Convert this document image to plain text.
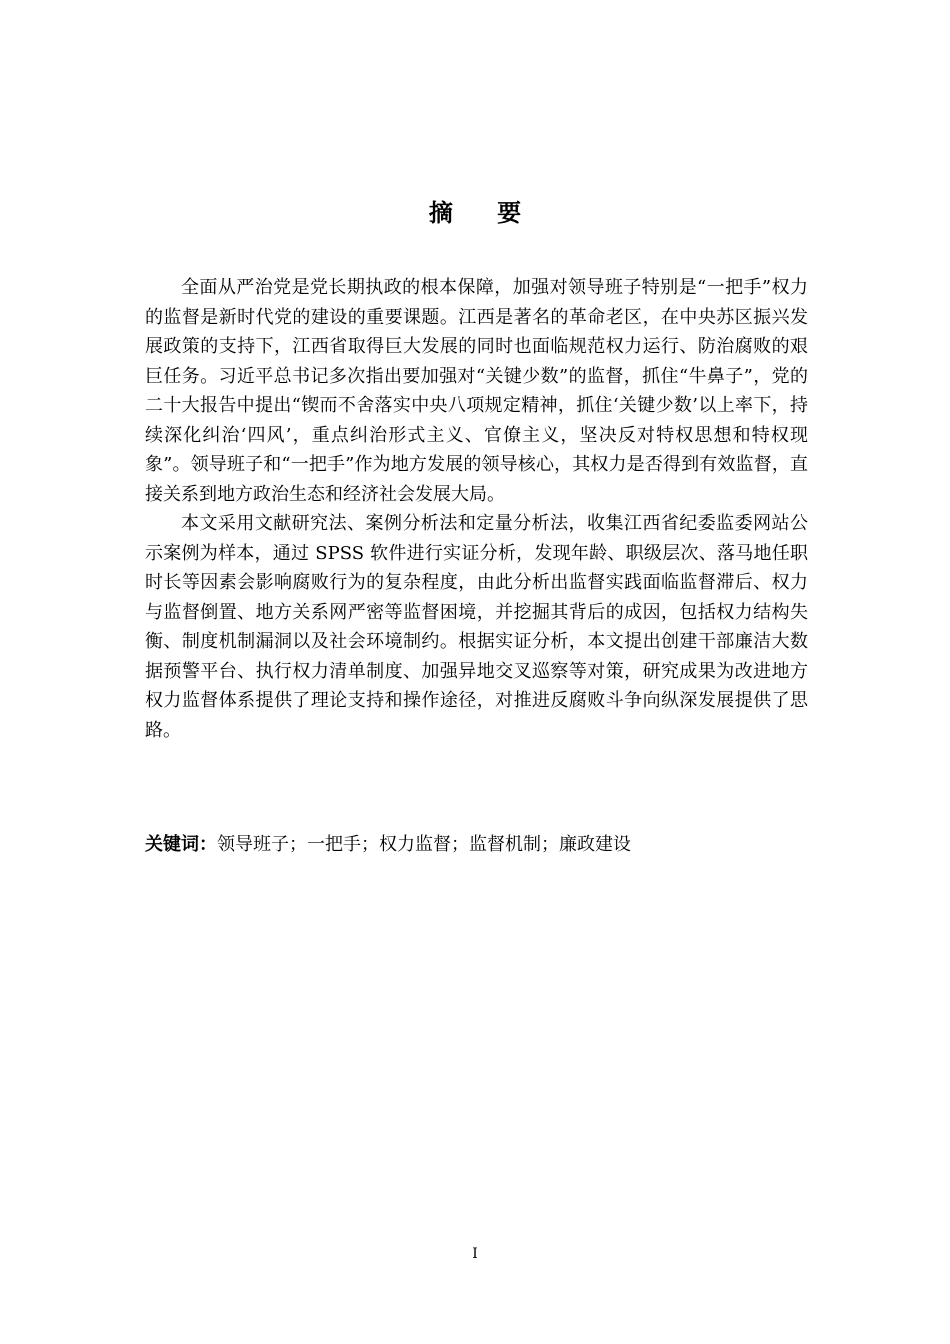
摘 要

全面从严治党是党长期执政的根本保障，加强对领导班子特别是“一把手”权力的监督是新时代党的建设的重要课题。江西是著名的革命老区，在中央苏区振兴发展政策的支持下，江西省取得巨大发展的同时也面临规范权力运行、防治腐败的艰巨任务。习近平总书记多次指出要加强对“关键少数”的监督，抓住“牛鼻子”，党的二十大报告中提出“锲而不舍落实中央八项规定精神，抓住‘关键少数’以上率下，持续深化纠治‘四风’，重点纠治形式主义、官僚主义，坚决反对特权思想和特权现象”。领导班子和“一把手”作为地方发展的领导核心，其权力是否得到有效监督，直接关系到地方政治生态和经济社会发展大局。

本文采用文献研究法、案例分析法和定量分析法，收集江西省纪委监委网站公示案例为样本，通过 SPSS 软件进行实证分析，发现年龄、职级层次、落马地任职时长等因素会影响腐败行为的复杂程度，由此分析出监督实践面临监督滞后、权力与监督倒置、地方关系网严密等监督困境，并挖掘其背后的成因，包括权力结构失衡、制度机制漏洞以及社会环境制约。根据实证分析，本文提出创建干部廉洁大数据预警平台、执行权力清单制度、加强异地交叉巡察等对策，研究成果为改进地方权力监督体系提供了理论支持和操作途径，对推进反腐败斗争向纵深发展提供了思路。

关键词：领导班子；一把手；权力监督；监督机制；廉政建设
I
